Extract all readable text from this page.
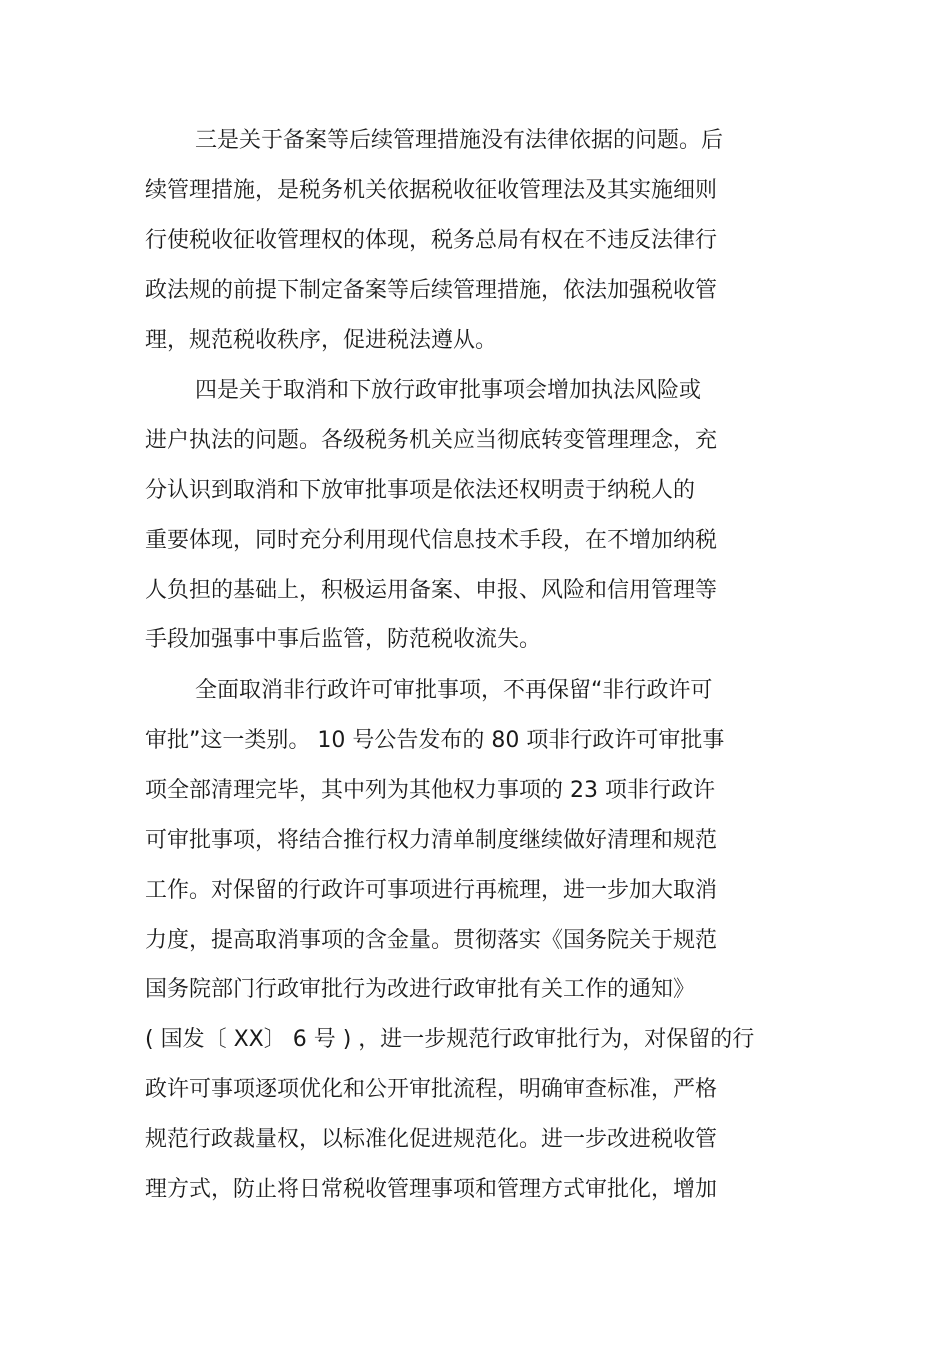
三是关于备案等后续管理措施没有法律依据的问题。后
续管理措施，是税务机关依据税收征收管理法及其实施细则
行使税收征收管理权的体现，税务总局有权在不违反法律行
政法规的前提下制定备案等后续管理措施，依法加强税收管
理，规范税收秩序，促进税法遵从。
四是关于取消和下放行政审批事项会增加执法风险或
进户执法的问题。各级税务机关应当彻底转变管理理念，充
分认识到取消和下放审批事项是依法还权明责于纳税人的
重要体现，同时充分利用现代信息技术手段，在不增加纳税
人负担的基础上，积极运用备案、申报、风险和信用管理等
手段加强事中事后监管，防范税收流失。
全面取消非行政许可审批事项，不再保留“非行政许可
审批”这一类别。 10 号公告发布的 80 项非行政许可审批事
项全部清理完毕，其中列为其他权力事项的 23 项非行政许
可审批事项，将结合推行权力清单制度继续做好清理和规范
工作。对保留的行政许可事项进行再梳理，进一步加大取消
力度，提高取消事项的含金量。贯彻落实《国务院关于规范
国务院部门行政审批行为改进行政审批有关工作的通知》
( 国发〔 XX〕 6 号 ) ，进一步规范行政审批行为，对保留的行
政许可事项逐项优化和公开审批流程，明确审查标准，严格
规范行政裁量权，以标准化促进规范化。进一步改进税收管
理方式，防止将日常税收管理事项和管理方式审批化，增加
